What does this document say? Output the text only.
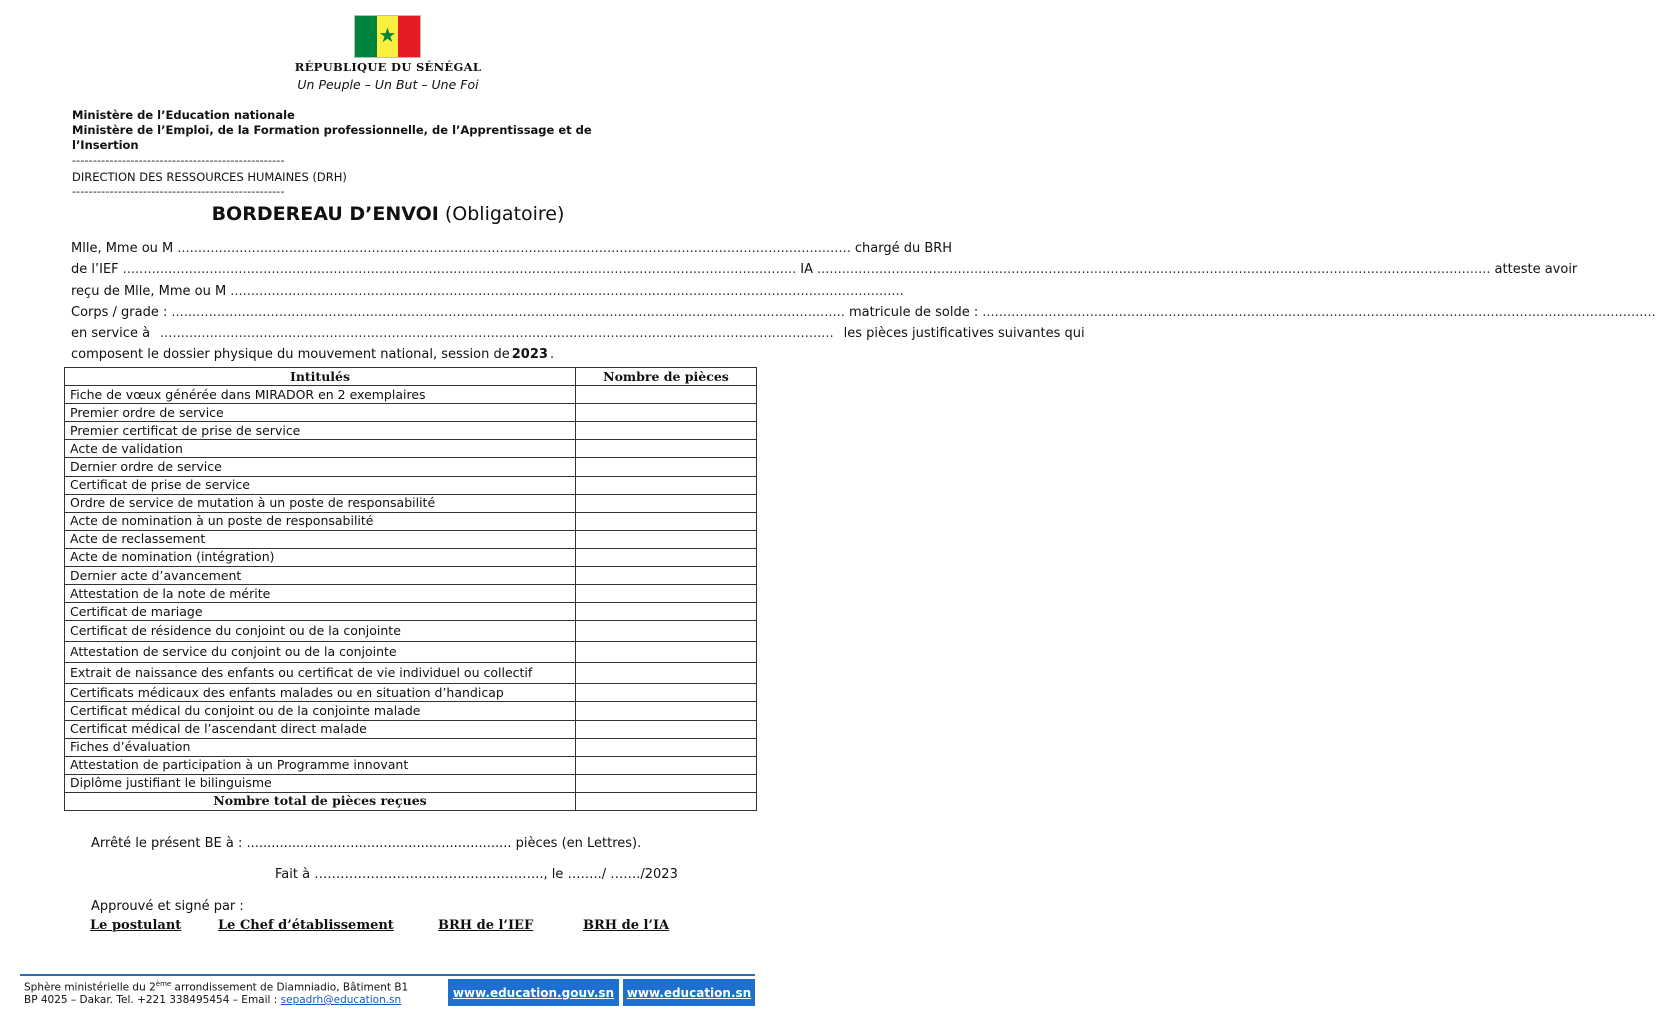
★
RÉPUBLIQUE DU SÉNÉGAL
Un Peuple – Un But – Une Foi
Ministère de l’Education nationale
Ministère de l’Emploi, de la Formation professionnelle, de l’Apprentissage et de
l’Insertion
---------------------------------------------------
DIRECTION DES RESSOURCES HUMAINES (DRH)
---------------------------------------------------
BORDEREAU D’ENVOI (Obligatoire)
Mlle, Mme ou M ................................................................................................................................................................... chargé du BRH
de l’IEF ................................................................................................................................................................... IA ................................................................................................................................................................... atteste avoir
reçu de Mlle, Mme ou M ...................................................................................................................................................................
Corps / grade : ................................................................................................................................................................... matricule de solde : ...................................................................................................................................................................
en service à ................................................................................................................................................................... les pièces justificatives suivantes qui
composent le dossier physique du mouvement national, session de 2023 .
Intitulés	Nombre de pièces
Fiche de vœux générée dans MIRADOR en 2 exemplaires	
Premier ordre de service	
Premier certificat de prise de service	
Acte de validation	
Dernier ordre de service	
Certificat de prise de service	
Ordre de service de mutation à un poste de responsabilité	
Acte de nomination à un poste de responsabilité	
Acte de reclassement	
Acte de nomination (intégration)	
Dernier acte d’avancement	
Attestation de la note de mérite	
Certificat de mariage	
Certificat de résidence du conjoint ou de la conjointe	
Attestation de service du conjoint ou de la conjointe	
Extrait de naissance des enfants ou certificat de vie individuel ou collectif	
Certificats médicaux des enfants malades ou en situation d’handicap	
Certificat médical du conjoint ou de la conjointe malade	
Certificat médical de l’ascendant direct malade	
Fiches d’évaluation	
Attestation de participation à un Programme innovant	
Diplôme justifiant le bilinguisme	
Nombre total de pièces reçues	
Arrêté le présent BE à : .......................…...................................... pièces (en Lettres).
Fait à …………………………………………….., le ……../ ……./2023
Approuvé et signé par :
Le postulant	Le Chef d’établissement	BRH de l’IEF	BRH de l’IA
Sphère ministérielle du 2ème arrondissement de Diamniadio, Bâtiment B1
BP 4025 – Dakar. Tel. +221 338495454 – Email : sepadrh@education.sn
www.education.gouv.sn	www.education.sn
